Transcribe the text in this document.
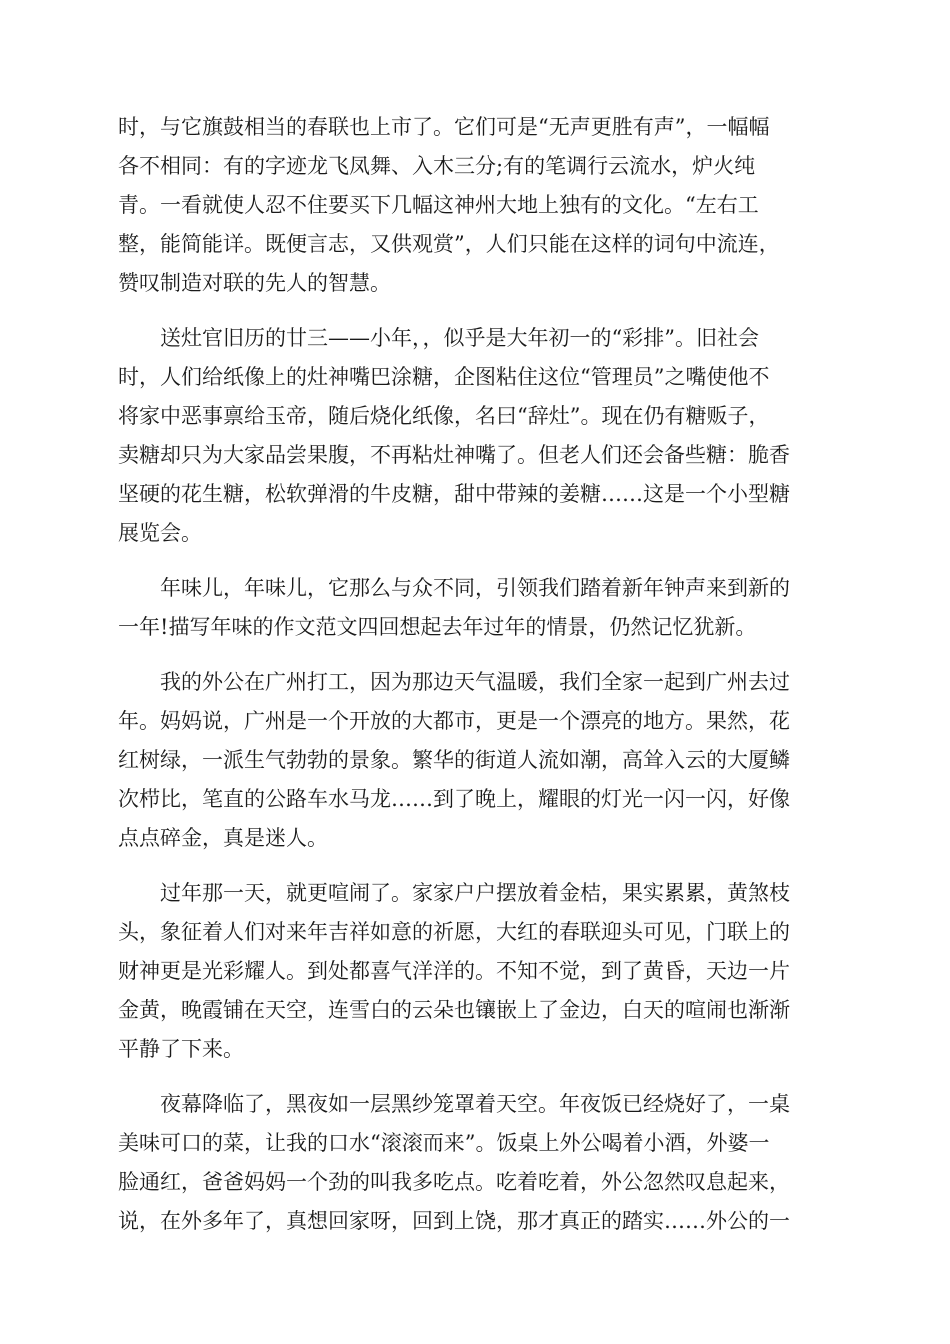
时，与它旗鼓相当的春联也上市了。它们可是“无声更胜有声”，一幅幅
各不相同：有的字迹龙飞凤舞、入木三分;有的笔调行云流水，炉火纯
青。一看就使人忍不住要买下几幅这神州大地上独有的文化。“左右工
整，能简能详。既便言志，又供观赏”，人们只能在这样的词句中流连，
赞叹制造对联的先人的智慧。
送灶官旧历的廿三——小年，，似乎是大年初一的“彩排”。旧社会
时，人们给纸像上的灶神嘴巴涂糖，企图粘住这位“管理员”之嘴使他不
将家中恶事禀给玉帝，随后烧化纸像，名曰“辞灶”。现在仍有糖贩子，
卖糖却只为大家品尝果腹，不再粘灶神嘴了。但老人们还会备些糖：脆香
坚硬的花生糖，松软弹滑的牛皮糖，甜中带辣的姜糖……这是一个小型糖
展览会。
年味儿，年味儿，它那么与众不同，引领我们踏着新年钟声来到新的
一年!描写年味的作文范文四回想起去年过年的情景，仍然记忆犹新。
我的外公在广州打工，因为那边天气温暖，我们全家一起到广州去过
年。妈妈说，广州是一个开放的大都市，更是一个漂亮的地方。果然，花
红树绿，一派生气勃勃的景象。繁华的街道人流如潮，高耸入云的大厦鳞
次栉比，笔直的公路车水马龙……到了晚上，耀眼的灯光一闪一闪，好像
点点碎金，真是迷人。
过年那一天，就更喧闹了。家家户户摆放着金桔，果实累累，黄煞枝
头，象征着人们对来年吉祥如意的祈愿，大红的春联迎头可见，门联上的
财神更是光彩耀人。到处都喜气洋洋的。不知不觉，到了黄昏，天边一片
金黄，晚霞铺在天空，连雪白的云朵也镶嵌上了金边，白天的喧闹也渐渐
平静了下来。
夜幕降临了，黑夜如一层黑纱笼罩着天空。年夜饭已经烧好了，一桌
美味可口的菜，让我的口水“滚滚而来”。饭桌上外公喝着小酒，外婆一
脸通红，爸爸妈妈一个劲的叫我多吃点。吃着吃着，外公忽然叹息起来，
说，在外多年了，真想回家呀，回到上饶，那才真正的踏实……外公的一
